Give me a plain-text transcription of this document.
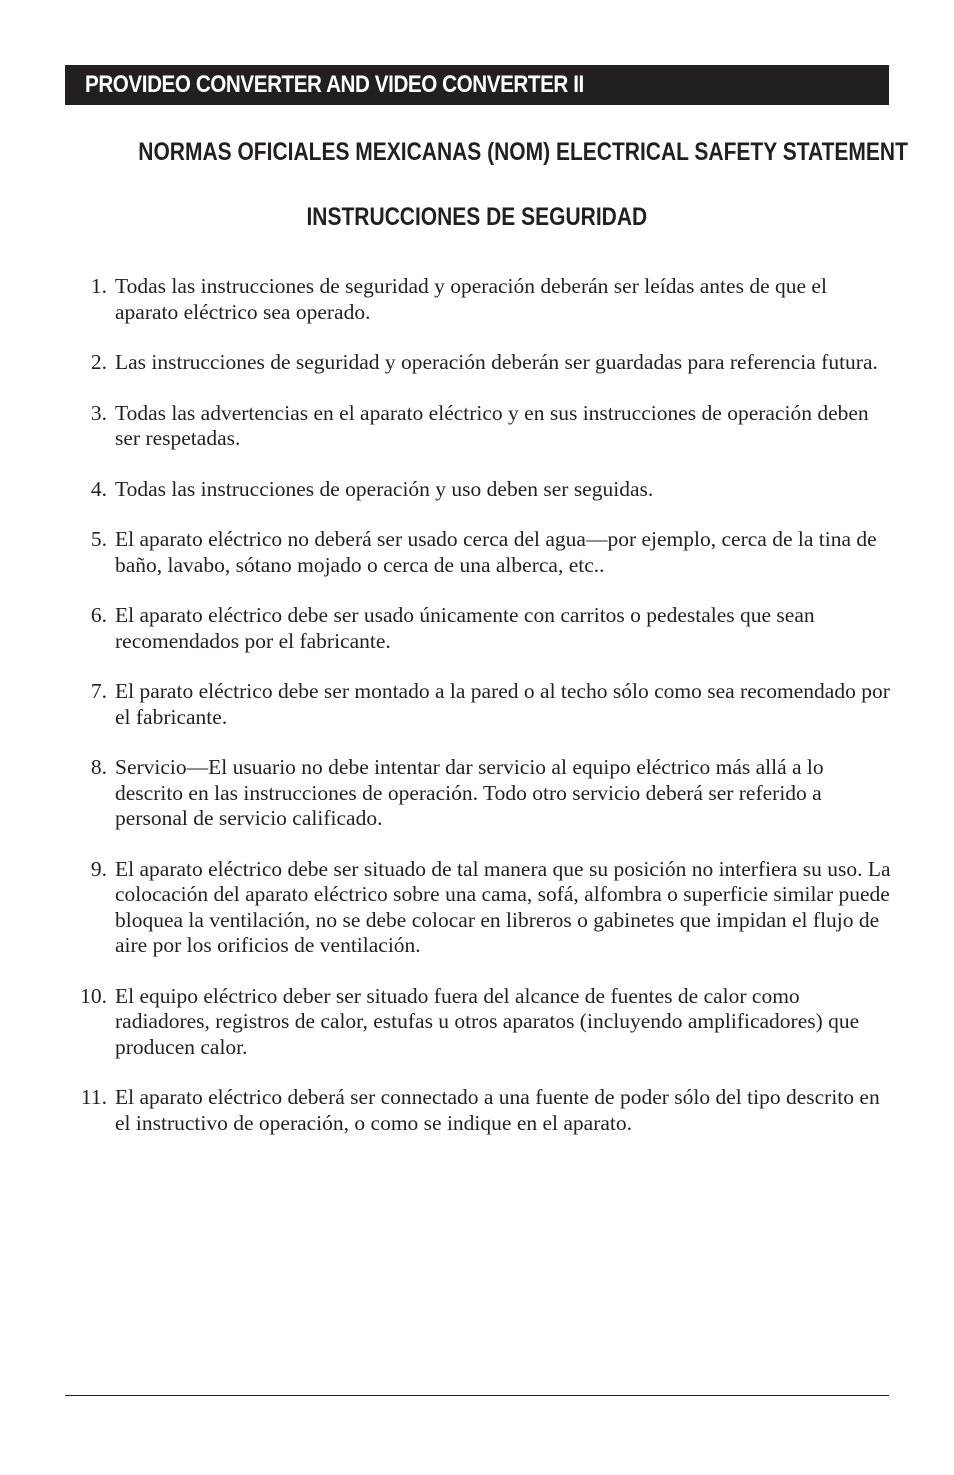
PROVIDEO CONVERTER AND VIDEO CONVERTER II
NORMAS OFICIALES MEXICANAS (NOM) ELECTRICAL SAFETY STATEMENT
INSTRUCCIONES DE SEGURIDAD
1. Todas las instrucciones de seguridad y operación deberán ser leídas antes de que el aparato eléctrico sea operado.
2. Las instrucciones de seguridad y operación deberán ser guardadas para referencia futura.
3. Todas las advertencias en el aparato eléctrico y en sus instrucciones de operación deben ser respetadas.
4. Todas las instrucciones de operación y uso deben ser seguidas.
5. El aparato eléctrico no deberá ser usado cerca del agua—por ejemplo, cerca de la tina de baño, lavabo, sótano mojado o cerca de una alberca, etc..
6. El aparato eléctrico debe ser usado únicamente con carritos o pedestales que sean recomendados por el fabricante.
7. El parato eléctrico debe ser montado a la pared o al techo sólo como sea recomendado por el fabricante.
8. Servicio—El usuario no debe intentar dar servicio al equipo eléctrico más allá a lo descrito en las instrucciones de operación. Todo otro servicio deberá ser referido a personal de servicio calificado.
9. El aparato eléctrico debe ser situado de tal manera que su posición no interfiera su uso. La colocación del aparato eléctrico sobre una cama, sofá, alfombra o superficie similar puede bloquea la ventilación, no se debe colocar en libreros o gabinetes que impidan el flujo de aire por los orificios de ventilación.
10. El equipo eléctrico deber ser situado fuera del alcance de fuentes de calor como radiadores, registros de calor, estufas u otros aparatos (incluyendo amplificadores) que producen calor.
11. El aparato eléctrico deberá ser connectado a una fuente de poder sólo del tipo descrito en el instructivo de operación, o como se indique en el aparato.
